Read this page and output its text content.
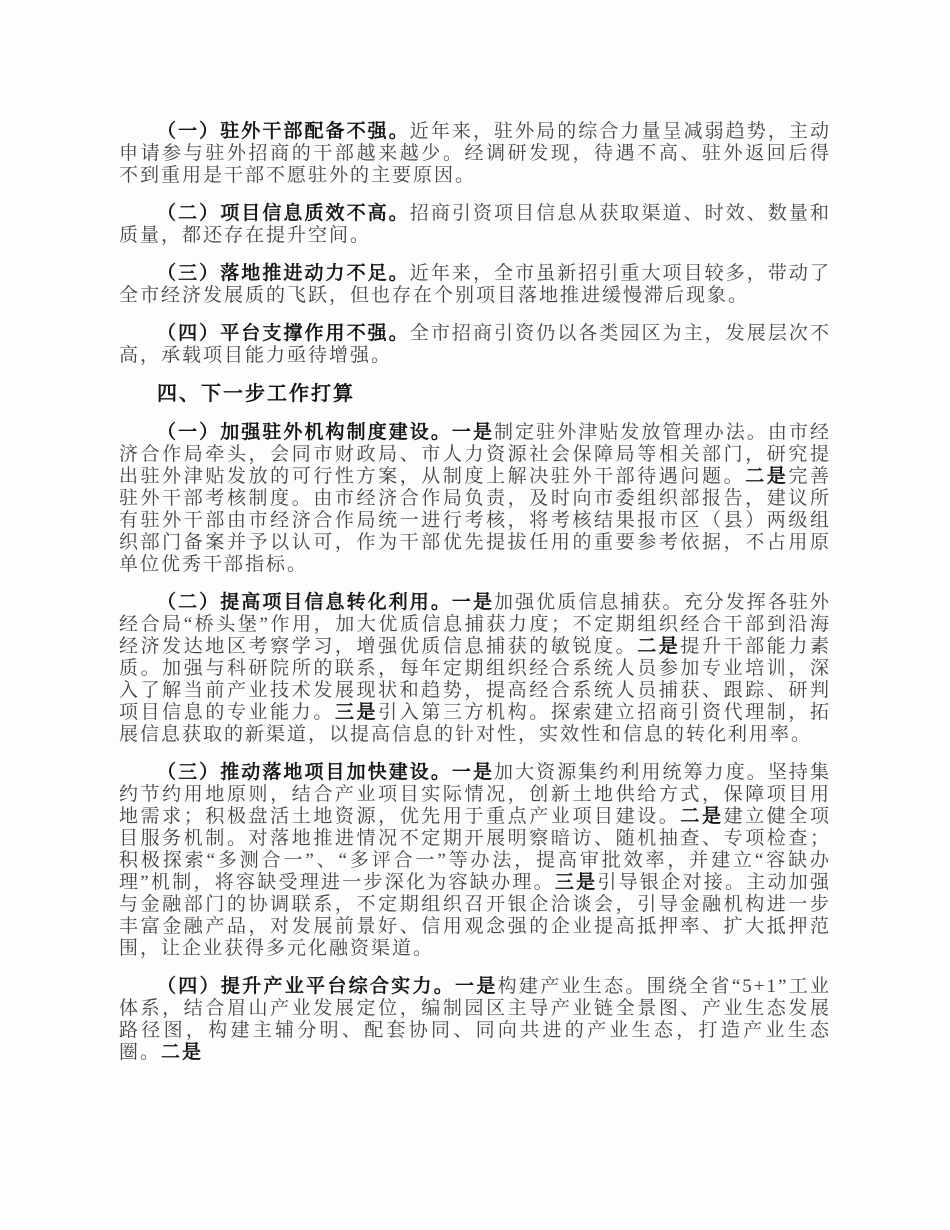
（一）驻外干部配备不强。近年来，驻外局的综合力量呈减弱趋势，主动申请参与驻外招商的干部越来越少。经调研发现，待遇不高、驻外返回后得不到重用是干部不愿驻外的主要原因。

（二）项目信息质效不高。招商引资项目信息从获取渠道、时效、数量和质量，都还存在提升空间。

（三）落地推进动力不足。近年来，全市虽新招引重大项目较多，带动了全市经济发展质的飞跃，但也存在个别项目落地推进缓慢滞后现象。

（四）平台支撑作用不强。全市招商引资仍以各类园区为主，发展层次不高，承载项目能力亟待增强。

四、下一步工作打算

（一）加强驻外机构制度建设。一是制定驻外津贴发放管理办法。由市经济合作局牵头，会同市财政局、市人力资源社会保障局等相关部门，研究提出驻外津贴发放的可行性方案，从制度上解决驻外干部待遇问题。二是完善驻外干部考核制度。由市经济合作局负责，及时向市委组织部报告，建议所有驻外干部由市经济合作局统一进行考核，将考核结果报市区（县）两级组织部门备案并予以认可，作为干部优先提拔任用的重要参考依据，不占用原单位优秀干部指标。

（二）提高项目信息转化利用。一是加强优质信息捕获。充分发挥各驻外经合局“桥头堡”作用，加大优质信息捕获力度；不定期组织经合干部到沿海经济发达地区考察学习，增强优质信息捕获的敏锐度。二是提升干部能力素质。加强与科研院所的联系，每年定期组织经合系统人员参加专业培训，深入了解当前产业技术发展现状和趋势，提高经合系统人员捕获、跟踪、研判项目信息的专业能力。三是引入第三方机构。探索建立招商引资代理制，拓展信息获取的新渠道，以提高信息的针对性，实效性和信息的转化利用率。

（三）推动落地项目加快建设。一是加大资源集约利用统筹力度。坚持集约节约用地原则，结合产业项目实际情况，创新土地供给方式，保障项目用地需求；积极盘活土地资源，优先用于重点产业项目建设。二是建立健全项目服务机制。对落地推进情况不定期开展明察暗访、随机抽查、专项检查；积极探索“多测合一”、“多评合一”等办法，提高审批效率，并建立“容缺办理”机制，将容缺受理进一步深化为容缺办理。三是引导银企对接。主动加强与金融部门的协调联系，不定期组织召开银企洽谈会，引导金融机构进一步丰富金融产品，对发展前景好、信用观念强的企业提高抵押率、扩大抵押范围，让企业获得多元化融资渠道。

（四）提升产业平台综合实力。一是构建产业生态。围绕全省“5+1”工业体系，结合眉山产业发展定位，编制园区主导产业链全景图、产业生态发展路径图，构建主辅分明、配套协同、同向共进的产业生态，打造产业生态圈。二是
